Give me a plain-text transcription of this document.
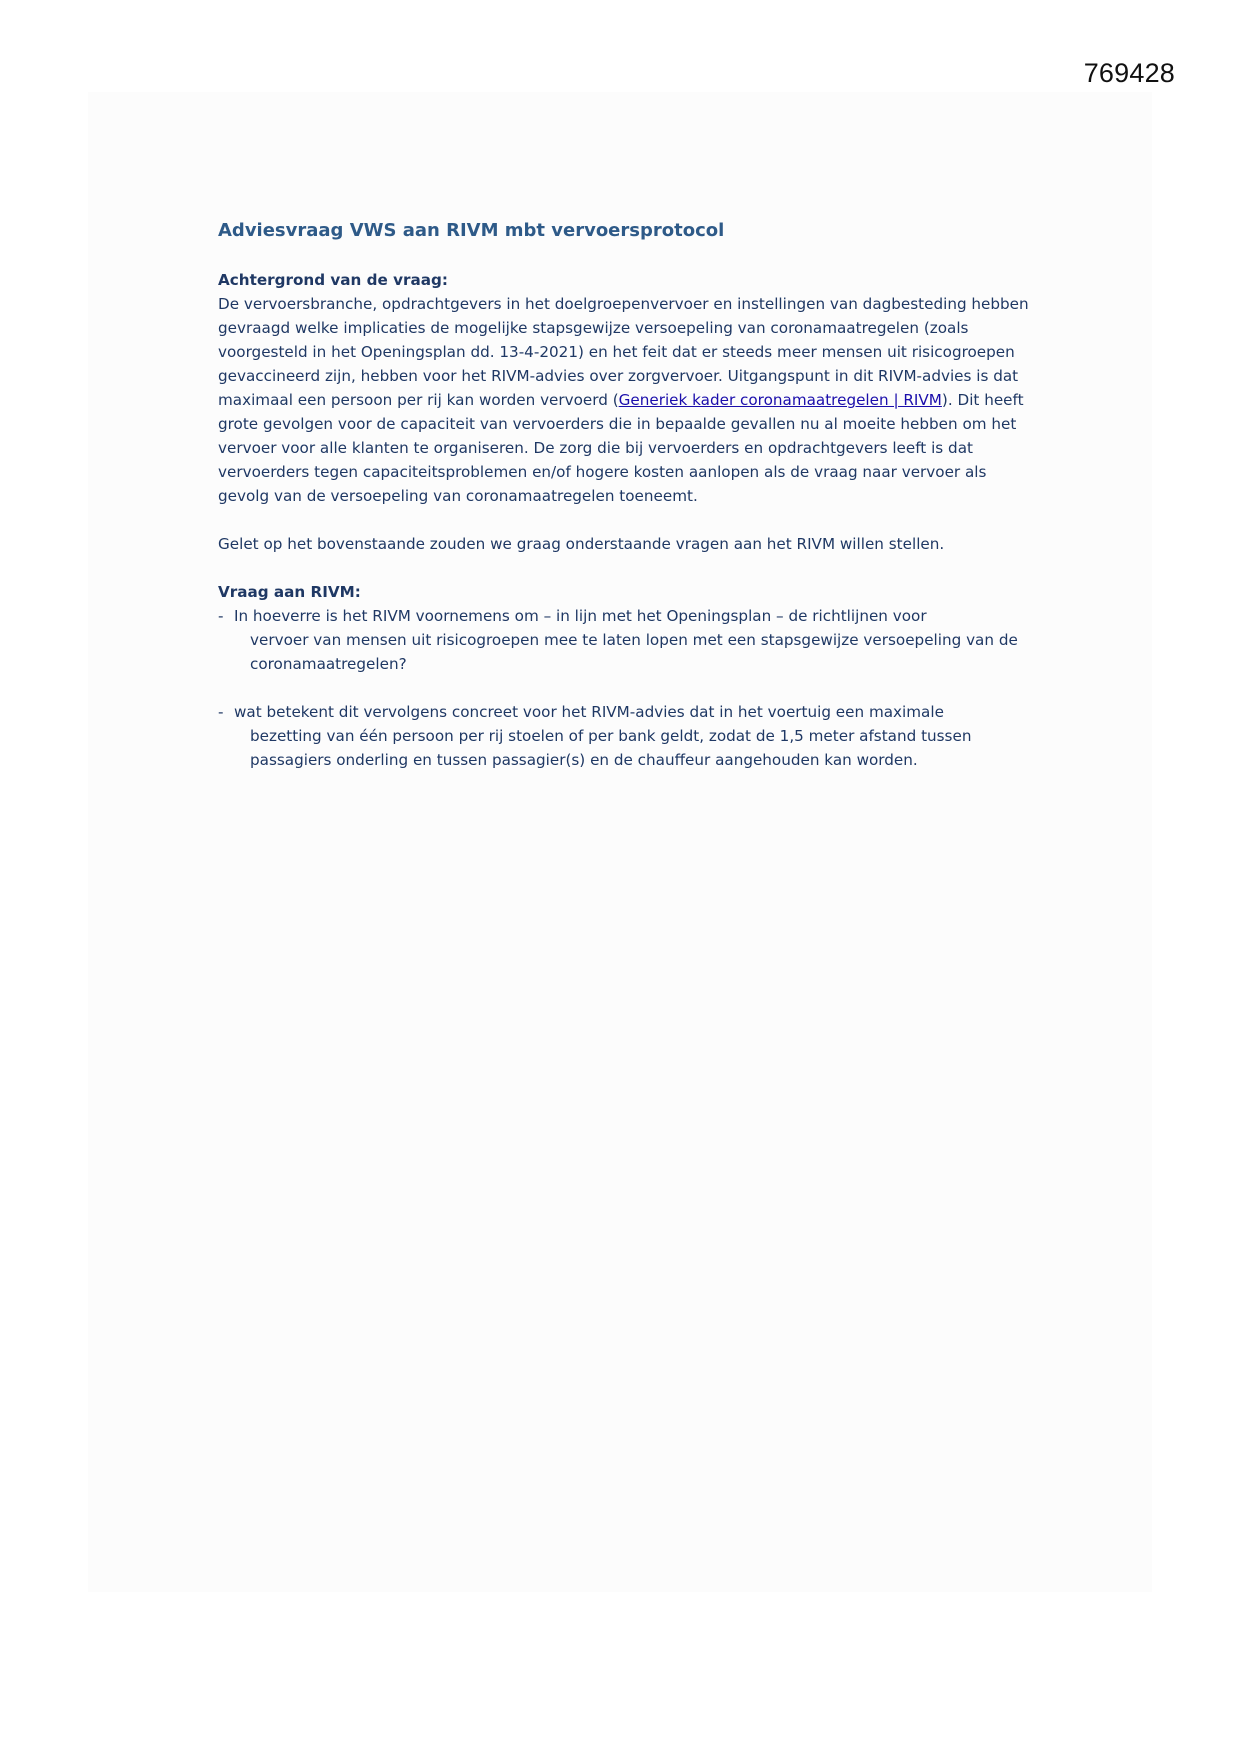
769428
Adviesvraag VWS aan RIVM mbt vervoersprotocol

Achtergrond van de vraag:

De vervoersbranche, opdrachtgevers in het doelgroepenvervoer en instellingen van dagbesteding hebben gevraagd welke implicaties de mogelijke stapsgewijze versoepeling van coronamaatregelen (zoals voorgesteld in het Openingsplan dd. 13-4-2021) en het feit dat er steeds meer mensen uit risicogroepen gevaccineerd zijn, hebben voor het RIVM-advies over zorgvervoer. Uitgangspunt in dit RIVM-advies is dat maximaal een persoon per rij kan worden vervoerd (Generiek kader coronamaatregelen | RIVM). Dit heeft grote gevolgen voor de capaciteit van vervoerders die in bepaalde gevallen nu al moeite hebben om het vervoer voor alle klanten te organiseren. De zorg die bij vervoerders en opdrachtgevers leeft is dat vervoerders tegen capaciteitsproblemen en/of hogere kosten aanlopen als de vraag naar vervoer als gevolg van de versoepeling van coronamaatregelen toeneemt.

Gelet op het bovenstaande zouden we graag onderstaande vragen aan het RIVM willen stellen.

Vraag aan RIVM:

- In hoeverre is het RIVM voornemens om – in lijn met het Openingsplan – de richtlijnen voor
vervoer van mensen uit risicogroepen mee te laten lopen met een stapsgewijze versoepeling van de coronamaatregelen?
- wat betekent dit vervolgens concreet voor het RIVM-advies dat in het voertuig een maximale
bezetting van één persoon per rij stoelen of per bank geldt, zodat de 1,5 meter afstand tussen passagiers onderling en tussen passagier(s) en de chauffeur aangehouden kan worden.
